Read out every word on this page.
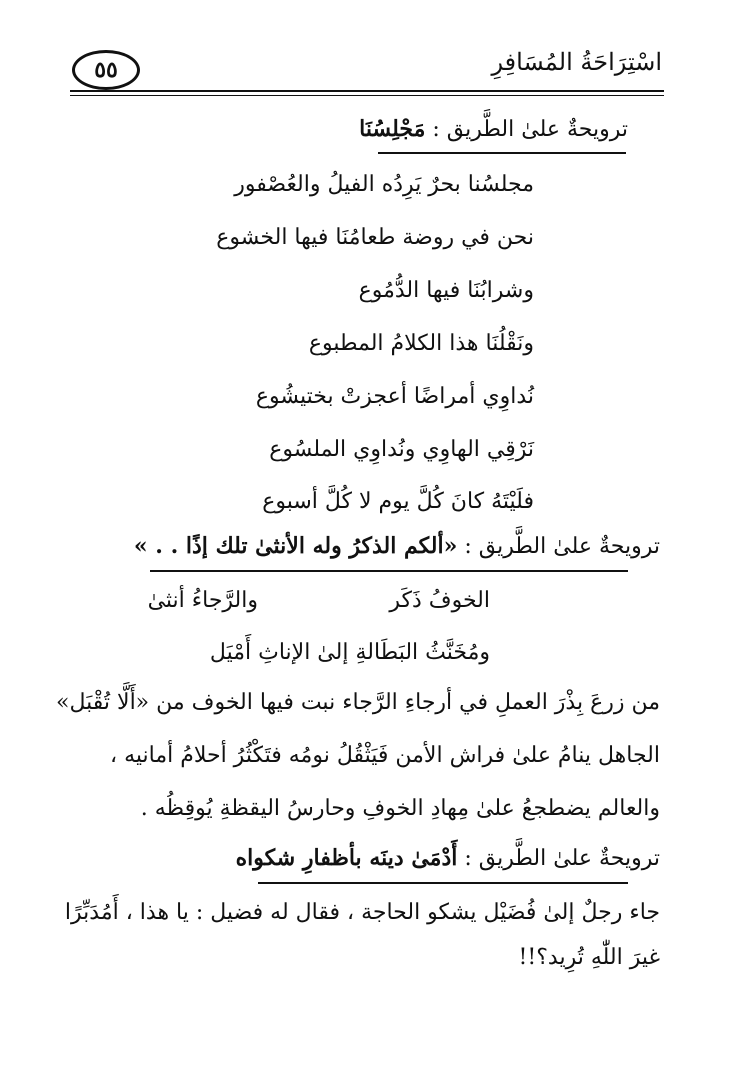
اسْتِرَاحَةُ المُسَافِرِ
٥٥
ترويحةٌ علىٰ الطَّريق : مَجْلِسُنَا
مجلسُنا بحرٌ يَرِدُه الفيلُ والعُصْفور
نحن في روضة طعامُنَا فيها الخشوع
وشرابُنَا فيها الدُّمُوع
ونَقْلُنَا هذا الكلامُ المطبوع
نُداوِي أمراضًا أعجزتْ بختيشُوع
نَرْقِي الهاوِي ونُداوِي الملسُوع
فلَيْتَهُ كانَ كُلَّ يوم لا كُلَّ أسبوع
ترويحةٌ علىٰ الطَّريق : «ألكم الذكرُ وله الأنثىٰ تلك إذًا . . »
الخوفُ ذَكَر
والرَّجاءُ أنثىٰ
ومُخَنَّثُ البَطَالةِ إلىٰ الإناثِ أَمْيَل
من زرعَ بِذْرَ العملِ في أرجاءِ الرَّجاء نبت فيها الخوف من «أَلَّا تُقْبَل»
الجاهل ينامُ علىٰ فراش الأمن فَيَثْقُلُ نومُه فتَكْثُرُ أحلامُ أمانيه ،
والعالم يضطجعُ علىٰ مِهادِ الخوفِ وحارسُ اليقظةِ يُوقِظُه .
ترويحةٌ علىٰ الطَّريق : أَدْمَىٰ دينَه بأظفارِ شكواه
جاء رجلٌ إلىٰ فُضَيْل يشكو الحاجة ، فقال له فضيل : يا هذا ، أَمُدَبِّرًا
غيرَ اللّٰهِ تُرِيد؟!!
